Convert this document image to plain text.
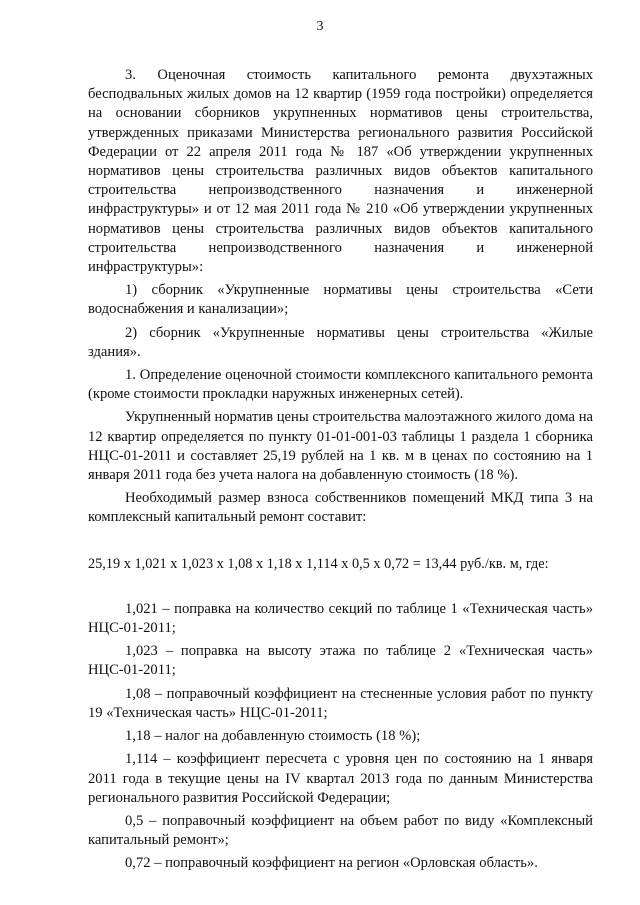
3

3. Оценочная стоимость капитального ремонта двухэтажных бесподвальных жилых домов на 12 квартир (1959 года постройки) определяется на основании сборников укрупненных нормативов цены строительства, утвержденных приказами Министерства регионального развития Российской Федерации от 22 апреля 2011 года № 187 «Об утверждении укрупненных нормативов цены строительства различных видов объектов капитального строительства непроизводственного назначения и инженерной инфраструктуры» и от 12 мая 2011 года № 210 «Об утверждении укрупненных нормативов цены строительства различных видов объектов капитального строительства непроизводственного назначения и инженерной инфраструктуры»:

1) сборник «Укрупненные нормативы цены строительства «Сети водоснабжения и канализации»;

2) сборник «Укрупненные нормативы цены строительства «Жилые здания».

1. Определение оценочной стоимости комплексного капитального ремонта (кроме стоимости прокладки наружных инженерных сетей).

Укрупненный норматив цены строительства малоэтажного жилого дома на 12 квартир определяется по пункту 01-01-001-03 таблицы 1 раздела 1 сборника НЦС-01-2011 и составляет 25,19 рублей на 1 кв. м в ценах по состоянию на 1 января 2011 года без учета налога на добавленную стоимость (18 %).

Необходимый размер взноса собственников помещений МКД типа 3 на комплексный капитальный ремонт составит:

25,19 х 1,021 х 1,023 х 1,08 х 1,18 х 1,114 х 0,5 х 0,72 = 13,44 руб./кв. м, где:

1,021 – поправка на количество секций по таблице 1 «Техническая часть» НЦС-01-2011;

1,023 – поправка на высоту этажа по таблице 2 «Техническая часть» НЦС-01-2011;

1,08 – поправочный коэффициент на стесненные условия работ по пункту 19 «Техническая часть» НЦС-01-2011;

1,18 – налог на добавленную стоимость (18 %);

1,114 – коэффициент пересчета с уровня цен по состоянию на 1 января 2011 года в текущие цены на IV квартал 2013 года по данным Министерства регионального развития Российской Федерации;

0,5 – поправочный коэффициент на объем работ по виду «Комплексный капитальный ремонт»;

0,72 – поправочный коэффициент на регион «Орловская область».
